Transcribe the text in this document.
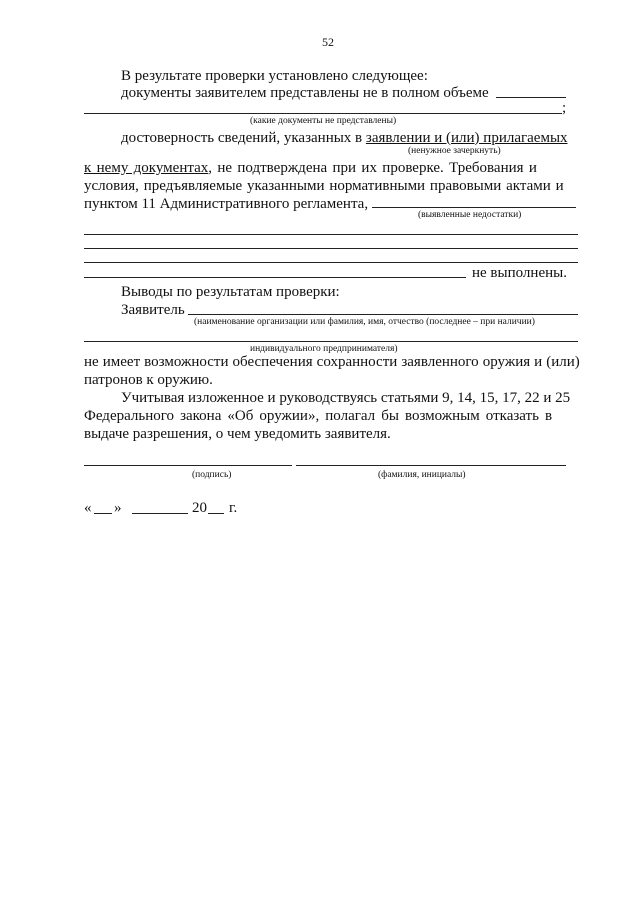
52
В результате проверки установлено следующее:
документы заявителем представлены не в полном объеме
;
(какие документы не представлены)
достоверность сведений, указанных в заявлении и (или) прилагаемых
(ненужное зачеркнуть)
к нему документах, не подтверждена при их проверке. Требования и
условия, предъявляемые указанными нормативными правовыми актами и
пунктом 11 Административного регламента,
(выявленные недостатки)
не выполнены.
Выводы по результатам проверки:
Заявитель
(наименование организации или фамилия, имя, отчество (последнее – при наличии)
индивидуального предпринимателя)
не имеет возможности обеспечения сохранности заявленного оружия и (или)
патронов к оружию.
Учитывая изложенное и руководствуясь статьями 9, 14, 15, 17, 22 и 25
Федерального закона «Об оружии», полагал бы возможным отказать в
выдаче разрешения, о чем уведомить заявителя.
(подпись)	(фамилия, инициалы)
« »	20 г.
